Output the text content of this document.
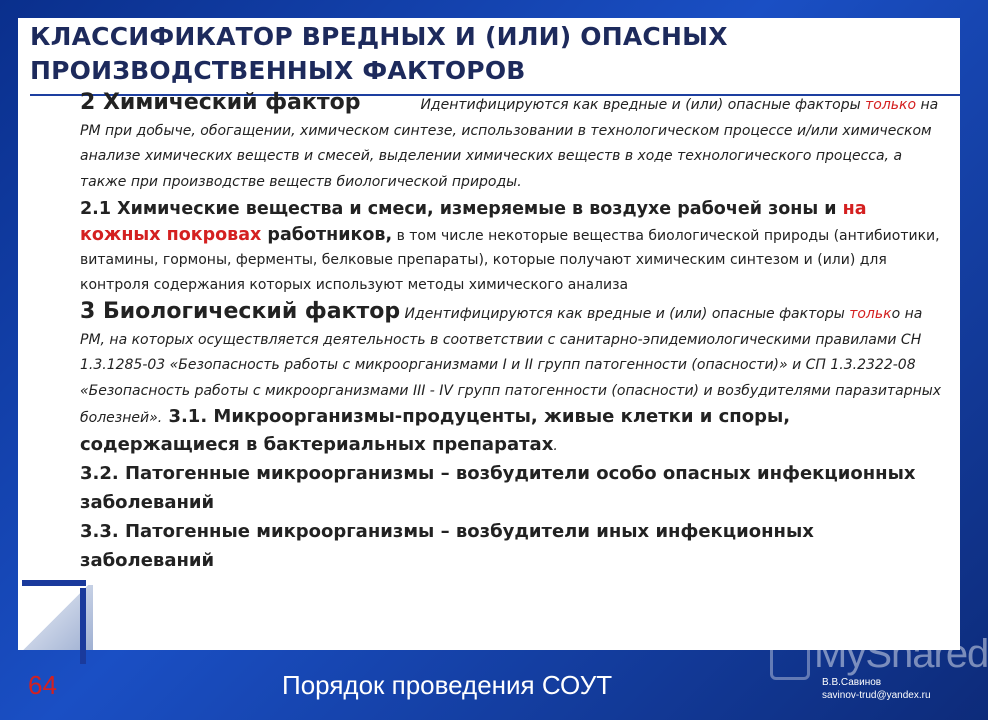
КЛАССИФИКАТОР ВРЕДНЫХ И (ИЛИ) ОПАСНЫХ
ПРОИЗВОДСТВЕННЫХ ФАКТОРОВ

2 Химический фактор	Идентифицируются как вредные и (или) опасные факторы только на РМ при добыче, обогащении, химическом синтезе, использовании в технологическом процессе и/или химическом анализе химических веществ и смесей, выделении химических веществ в ходе технологического процесса, а также при производстве веществ биологической природы.

2.1 Химические вещества и смеси, измеряемые в воздухе рабочей зоны и на кожных покровах работников, в том числе некоторые вещества биологической природы (антибиотики, витамины, гормоны, ферменты, белковые препараты), которые получают химическим синтезом и (или) для контроля содержания которых используют методы химического анализа

3 Биологический фактор Идентифицируются как вредные и (или) опасные факторы только на РМ, на которых осуществляется деятельность в соответствии с санитарно-эпидемиологическими правилами СН 1.3.1285-03 «Безопасность работы с микроорганизмами I и II групп патогенности (опасности)» и СП 1.3.2322-08 «Безопасность работы с микроорганизмами III - IV групп патогенности (опасности) и возбудителями паразитарных болезней». 3.1. Микроорганизмы-продуценты, живые клетки и споры, содержащиеся в бактериальных препаратах.

3.2. Патогенные микроорганизмы – возбудители особо опасных инфекционных заболеваний

3.3. Патогенные микроорганизмы – возбудители иных инфекционных заболеваний

MyShared
64	Порядок проведения СОУТ	В.В.Савинов
savinov-trud@yandex.ru
